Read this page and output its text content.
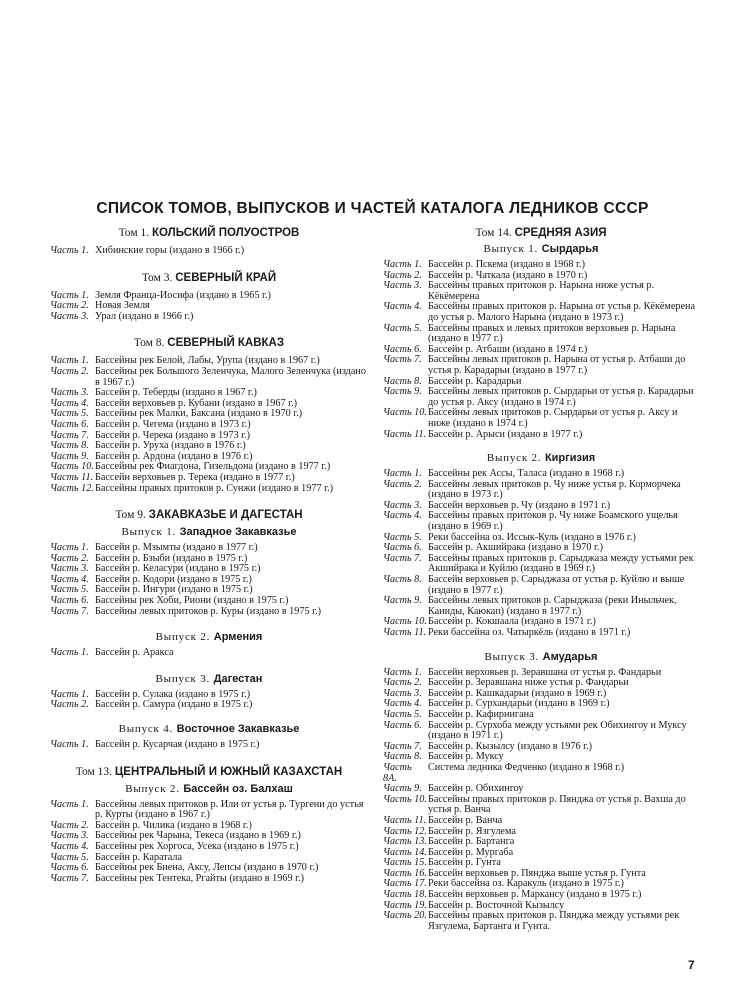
СПИСОК ТОМОВ, ВЫПУСКОВ И ЧАСТЕЙ КАТАЛОГА ЛЕДНИКОВ СССР
Том 1. КОЛЬСКИЙ ПОЛУОСТРОВ
Часть 1. Хибинские горы (издано в 1966 г.)
Том 3. СЕВЕРНЫЙ КРАЙ
Часть 1. Земля Франца-Иосифа (издано в 1965 г.)
Часть 2. Новая Земля
Часть 3. Урал (издано в 1966 г.)
Том 8. СЕВЕРНЫЙ КАВКАЗ
Часть 1. Бассейны рек Белой, Лабы, Урупа (издано в 1967 г.)
Часть 2. Бассейны рек Большого Зеленчука, Малого Зеленчука (издано в 1967 г.)
Часть 3. Бассейн р. Теберды (издано в 1967 г.)
Часть 4. Бассейн верховьев р. Кубани (издано в 1967 г.)
Часть 5. Бассейны рек Малки, Баксана (издано в 1970 г.)
Часть 6. Бассейн р. Чегема (издано в 1973 г.)
Часть 7. Бассейн р. Черека (издано в 1973 г.)
Часть 8. Бассейн р. Уруха (издано в 1976 г.)
Часть 9. Бассейн р. Ардона (издано в 1976 г.)
Часть 10. Бассейны рек Фиагдона, Гизельдона (издано в 1977 г.)
Часть 11. Бассейн верховьев р. Терека (издано в 1977 г.)
Часть 12. Бассейны правых притоков р. Сунжи (издано в 1977 г.)
Том 9. ЗАКАВКАЗЬЕ И ДАГЕСТАН
Выпуск 1. Западное Закавказье
Часть 1. Бассейн р. Мзымты (издано в 1977 г.)
Часть 2. Бассейн р. Бзыби (издано в 1975 г.)
Часть 3. Бассейн р. Келасури (издано в 1975 г.)
Часть 4. Бассейн р. Кодори (издано в 1975 г.)
Часть 5. Бассейн р. Ингури (издано в 1975 г.)
Часть 6. Бассейны рек Хоби, Риони (издано в 1975 г.)
Часть 7. Бассейны левых притоков р. Куры (издано в 1975 г.)
Выпуск 2. Армения
Часть 1. Бассейн р. Аракса
Выпуск 3. Дагестан
Часть 1. Бассейн р. Сулака (издано в 1975 г.)
Часть 2. Бассейн р. Самура (издано в 1975 г.)
Выпуск 4. Восточное Закавказье
Часть 1. Бассейн р. Кусарчая (издано в 1975 г.)
Том 13. ЦЕНТРАЛЬНЫЙ И ЮЖНЫЙ КАЗАХСТАН
Выпуск 2. Бассейн оз. Балхаш
Часть 1. Бассейны левых притоков р. Или от устья р. Тургени до устья р. Курты (издано в 1967 г.)
Часть 2. Бассейн р. Чилика (издано в 1968 г.)
Часть 3. Бассейны рек Чарына, Текеса (издано в 1969 г.)
Часть 4. Бассейны рек Хоргоса, Усека (издано в 1975 г.)
Часть 5. Бассейн р. Каратала
Часть 6. Бассейны рек Биена, Аксу, Лепсы (издано в 1970 г.)
Часть 7. Бассейны рек Тентека, Ргайты (издано в 1969 г.)
Том 14. СРЕДНЯЯ АЗИЯ
Выпуск 1. Сырдарья
Часть 1. Бассейн р. Пскема (издано в 1968 г.)
Часть 2. Бассейн р. Чаткала (издано в 1970 г.)
Часть 3. Бассейны правых притоков р. Нарына ниже устья р. Кёкёмерена
Часть 4. Бассейны правых притоков р. Нарына от устья р. Кёкёмерена до устья р. Малого Нарына (издано в 1973 г.)
Часть 5. Бассейны правых и левых притоков верховьев р. Нарына (издано в 1977 г.)
Часть 6. Бассейн р. Атбаши (издано в 1974 г.)
Часть 7. Бассейны левых притоков р. Нарына от устья р. Атбаши до устья р. Карадарьи (издано в 1977 г.)
Часть 8. Бассейн р. Карадарьи
Часть 9. Бассейны левых притоков р. Сырдарьи от устья р. Карадарьи до устья р. Аксу (издано в 1974 г.)
Часть 10. Бассейны левых притоков р. Сырдарьи от устья р. Аксу и ниже (издано в 1974 г.)
Часть 11. Бассейн р. Арыси (издано в 1977 г.)
Выпуск 2. Киргизия
Часть 1. Бассейны рек Ассы, Таласа (издано в 1968 г.)
Часть 2. Бассейны левых притоков р. Чу ниже устья р. Корморчека (издано в 1973 г.)
Часть 3. Бассейн верховьев р. Чу (издано в 1971 г.)
Часть 4. Бассейны правых притоков р. Чу ниже Боамского ущелья (издано в 1969 г.)
Часть 5. Реки бассейна оз. Иссык-Куль (издано в 1976 г.)
Часть 6. Бассейн р. Акшийрака (издано в 1970 г.)
Часть 7. Бассейны правых притоков р. Сарыджаза между устьями рек Акшийрака и Куйлю (издано в 1969 г.)
Часть 8. Бассейн верховьев р. Сарыджаза от устья р. Куйлю и выше (издано в 1977 г.)
Часть 9. Бассейны левых притоков р. Сарыджаза (реки Иныльчек, Каинды, Каюкап) (издано в 1977 г.)
Часть 10. Бассейн р. Кокшаала (издано в 1971 г.)
Часть 11. Реки бассейна оз. Чатыркёль (издано в 1971 г.)
Выпуск 3. Амударья
Часть 1. Бассейн верховьев р. Зеравшана от устья р. Фандарьи
Часть 2. Бассейн р. Зеравшана ниже устья р. Фандарьи
Часть 3. Бассейн р. Кашкадарьи (издано в 1969 г.)
Часть 4. Бассейн р. Сурхандарьи (издано в 1969 г.)
Часть 5. Бассейн р. Кафирнигана
Часть 6. Бассейн р. Сурхоба между устьями рек Обихингоу и Муксу (издано в 1971 г.)
Часть 7. Бассейн р. Кызылсу (издано в 1976 г.)
Часть 8. Бассейн р. Муксу
Часть 8А.
Система ледника Федченко (издано в 1968 г.)
Часть 9. Бассейн р. Обихингоу
Часть 10. Бассейны правых притоков р. Пянджа от устья р. Вахша до устья р. Ванча
Часть 11. Бассейн р. Ванча
Часть 12. Бассейн р. Язгулема
Часть 13. Бассейн р. Бартанга
Часть 14. Бассейн р. Мургаба
Часть 15. Бассейн р. Гунта
Часть 16. Бассейн верховьев р. Пянджа выше устья р. Гунта
Часть 17. Реки бассейна оз. Каракуль (издано в 1975 г.)
Часть 18. Бассейн верховьев р. Маркансу (издано в 1975 г.)
Часть 19. Бассейн р. Восточной Кызылсу
Часть 20. Бассейны правых притоков р. Пянджа между устьями рек Язгулема, Бартанга и Гунта.
7
